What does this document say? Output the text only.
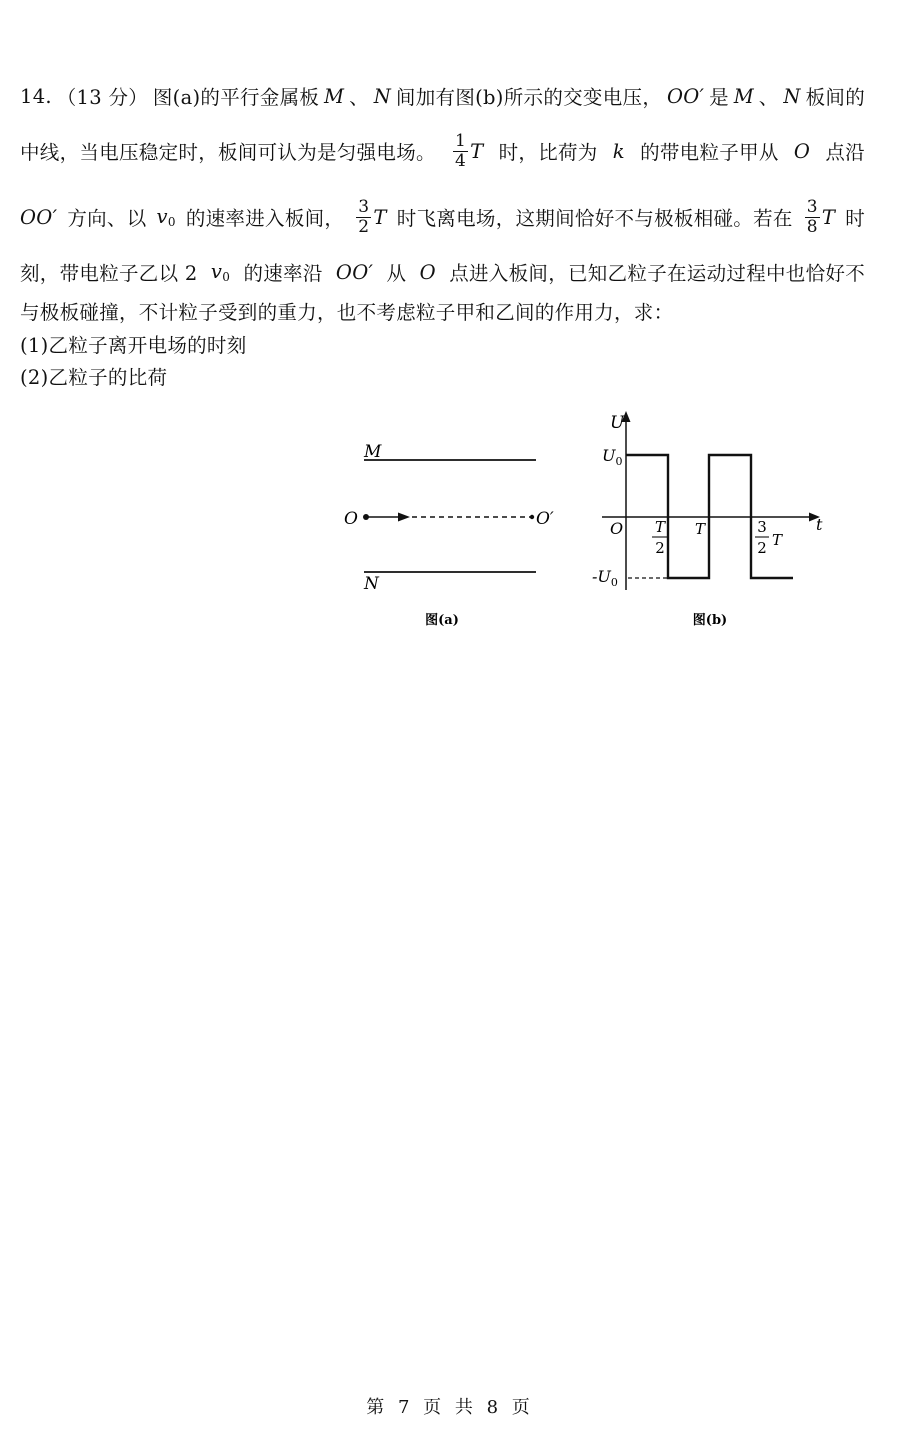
14. （13 分） 图(a)的平行金属板 M 、 N 间加有图(b)所示的交变电压， OO′ 是 M 、 N 板间的
中线，当电压稳定时，板间可认为是匀强电场。 $\frac{1}{4}$ T 时，比荷为 k 的带电粒子甲从 O 点沿
OO′ 方向、以 $v_0$ 的速率进入板间， $\frac{3}{2}$ T 时飞离电场，这期间恰好不与极板相碰。若在 $\frac{3}{8}$ T 时
刻，带电粒子乙以 2 $v_0$ 的速率沿 OO′ 从 O 点进入板间，已知乙粒子在运动过程中也恰好不
与极板碰撞，不计粒子受到的重力，也不考虑粒子甲和乙间的作用力，求：
(1)乙粒子离开电场的时刻
(2)乙粒子的比荷
M
O	O′
N
图(a)
U
t
O
$U_0$
$-U_0$
T
2
T	3
2 T
图(b)
第 7 页 共 8 页
